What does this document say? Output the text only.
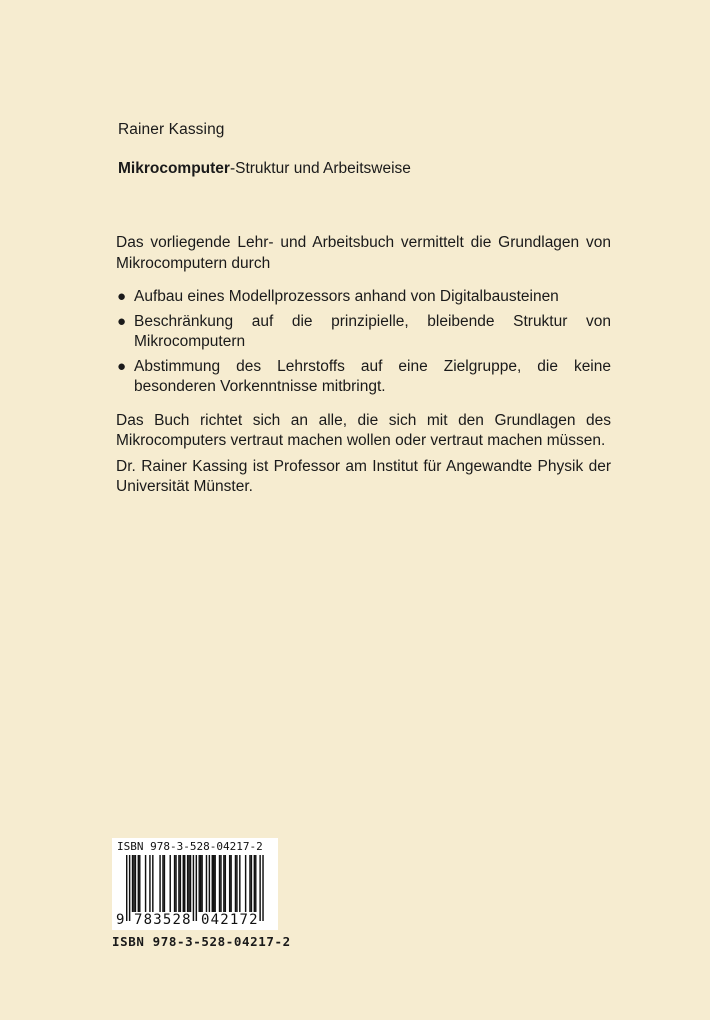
Rainer Kassing
Mikrocomputer-Struktur und Arbeitsweise

Das vorliegende Lehr- und Arbeitsbuch vermittelt die Grundlagen von Mikrocomputern durch

● Aufbau eines Modellprozessors anhand von Digitalbausteinen
● Beschränkung auf die prinzipielle, bleibende Struktur von Mikrocomputern
● Abstimmung des Lehrstoffs auf eine Zielgruppe, die keine besonderen Vorkenntnisse mitbringt.

Das Buch richtet sich an alle, die sich mit den Grundlagen des Mikrocomputers vertraut machen wollen oder vertraut machen müssen.

Dr. Rainer Kassing ist Professor am Institut für Angewandte Physik der Universität Münster.

ISBN 978-3-528-04217-2
9 783528 042172
ISBN 978-3-528-04217-2
